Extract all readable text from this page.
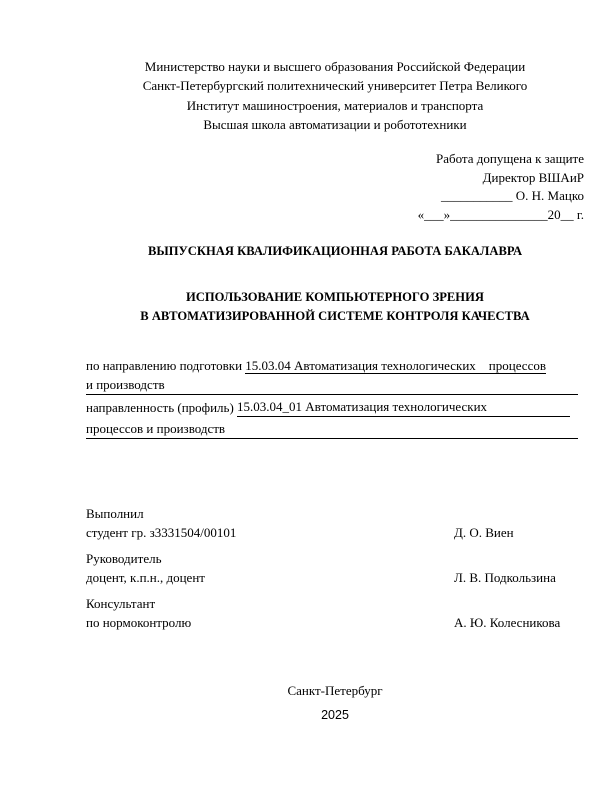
Министерство науки и высшего образования Российской Федерации
Санкт-Петербургский политехнический университет Петра Великого
Институт машиностроения, материалов и транспорта
Высшая школа автоматизации и робототехники
Работа допущена к защите
Директор ВШАиР
___________ О. Н. Мацко
«___»_______________20__ г.
ВЫПУСКНАЯ КВАЛИФИКАЦИОННАЯ РАБОТА БАКАЛАВРА
ИСПОЛЬЗОВАНИЕ КОМПЬЮТЕРНОГО ЗРЕНИЯ
В АВТОМАТИЗИРОВАННОЙ СИСТЕМЕ КОНТРОЛЯ КАЧЕСТВА
по направлению подготовки 15.03.04 Автоматизация технологических    процессов
и производств
направленность (профиль) 15.03.04_01 Автоматизация технологических
процессов и производств
Выполнил
студент гр. з3331504/00101	Д. О. Виен
Руководитель
доцент, к.п.н., доцент	Л. В. Подкользина
Консультант
по нормоконтролю	А. Ю. Колесникова
Санкт-Петербург
2025
